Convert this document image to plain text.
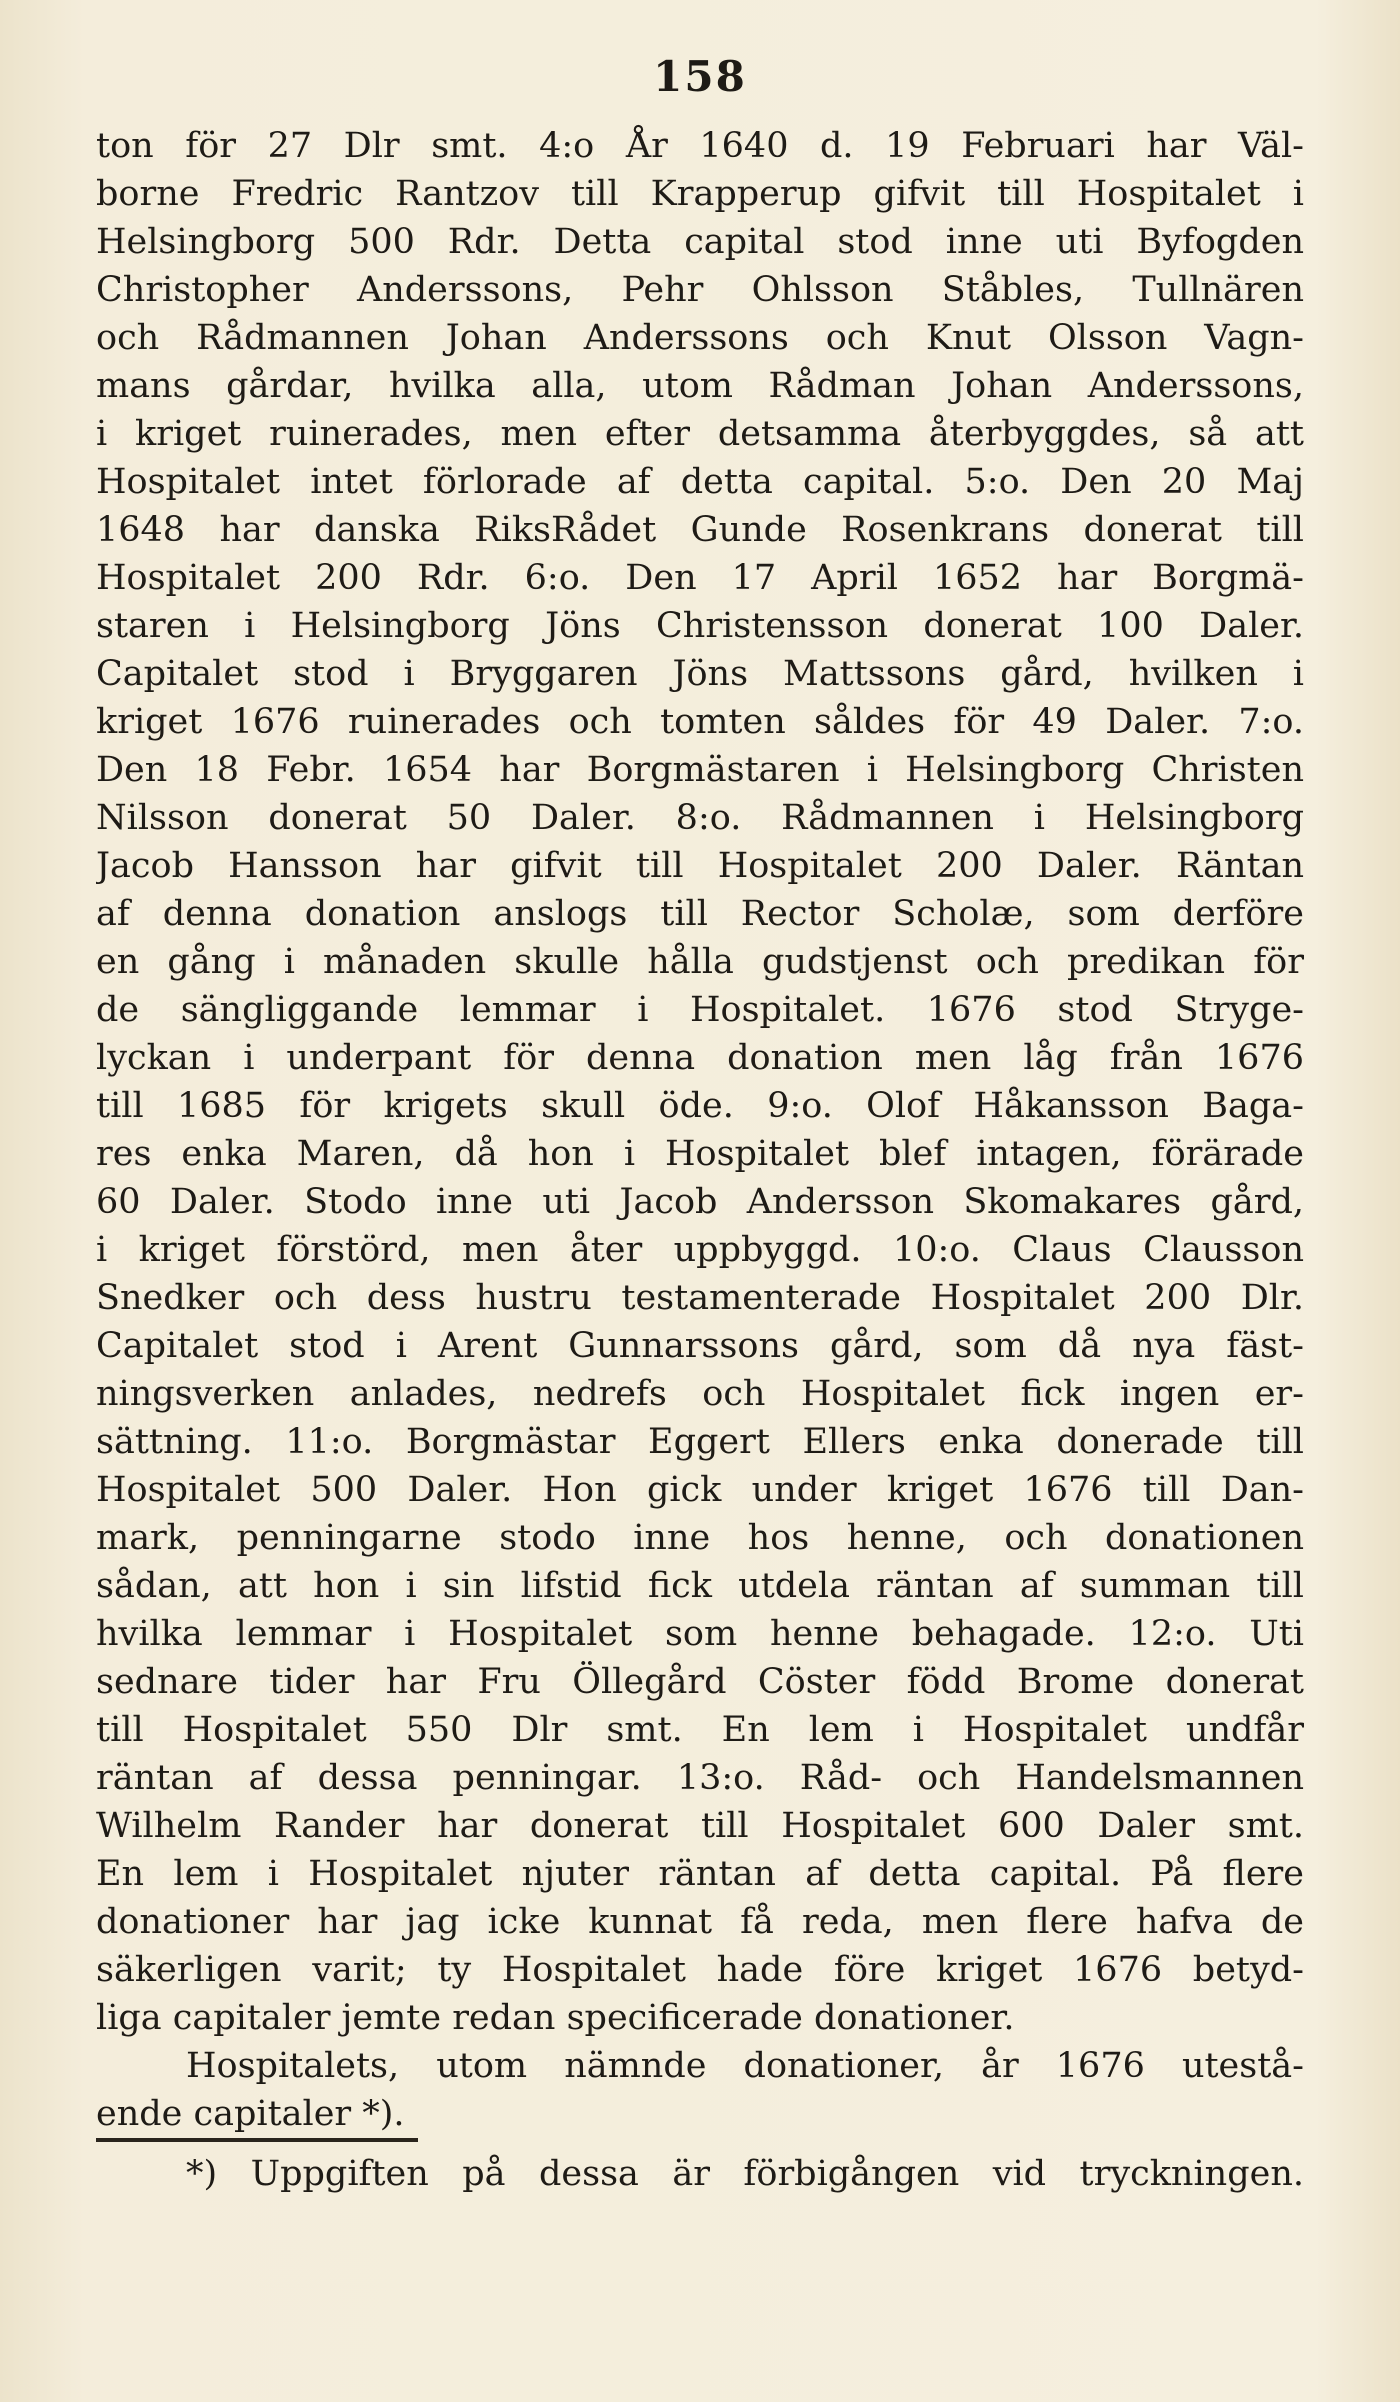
158
ton för 27 Dlr smt. 4:o År 1640 d. 19 Februari har Väl-
borne Fredric Rantzov till Krapperup gifvit till Hospitalet i
Helsingborg 500 Rdr. Detta capital stod inne uti Byfogden
Christopher Anderssons, Pehr Ohlsson Ståbles, Tullnären
och Rådmannen Johan Anderssons och Knut Olsson Vagn-
mans gårdar, hvilka alla, utom Rådman Johan Anderssons,
i kriget ruinerades, men efter detsamma återbyggdes, så att
Hospitalet intet förlorade af detta capital. 5:o. Den 20 Maj
1648 har danska RiksRådet Gunde Rosenkrans donerat till
Hospitalet 200 Rdr. 6:o. Den 17 April 1652 har Borgmä-
staren i Helsingborg Jöns Christensson donerat 100 Daler.
Capitalet stod i Bryggaren Jöns Mattssons gård, hvilken i
kriget 1676 ruinerades och tomten såldes för 49 Daler. 7:o.
Den 18 Febr. 1654 har Borgmästaren i Helsingborg Christen
Nilsson donerat 50 Daler. 8:o. Rådmannen i Helsingborg
Jacob Hansson har gifvit till Hospitalet 200 Daler. Räntan
af denna donation anslogs till Rector Scholæ, som derföre
en gång i månaden skulle hålla gudstjenst och predikan för
de sängliggande lemmar i Hospitalet. 1676 stod Stryge-
lyckan i underpant för denna donation men låg från 1676
till 1685 för krigets skull öde. 9:o. Olof Håkansson Baga-
res enka Maren, då hon i Hospitalet blef intagen, förärade
60 Daler. Stodo inne uti Jacob Andersson Skomakares gård,
i kriget förstörd, men åter uppbyggd. 10:o. Claus Clausson
Snedker och dess hustru testamenterade Hospitalet 200 Dlr.
Capitalet stod i Arent Gunnarssons gård, som då nya fäst-
ningsverken anlades, nedrefs och Hospitalet fick ingen er-
sättning. 11:o. Borgmästar Eggert Ellers enka donerade till
Hospitalet 500 Daler. Hon gick under kriget 1676 till Dan-
mark, penningarne stodo inne hos henne, och donationen
sådan, att hon i sin lifstid fick utdela räntan af summan till
hvilka lemmar i Hospitalet som henne behagade. 12:o. Uti
sednare tider har Fru Öllegård Cöster född Brome donerat
till Hospitalet 550 Dlr smt. En lem i Hospitalet undfår
räntan af dessa penningar. 13:o. Råd- och Handelsmannen
Wilhelm Rander har donerat till Hospitalet 600 Daler smt.
En lem i Hospitalet njuter räntan af detta capital. På flere
donationer har jag icke kunnat få reda, men flere hafva de
säkerligen varit; ty Hospitalet hade före kriget 1676 betyd-
liga capitaler jemte redan specificerade donationer.
Hospitalets, utom nämnde donationer, år 1676 utestå-
ende capitaler *).
*) Uppgiften på dessa är förbigången vid tryckningen.
